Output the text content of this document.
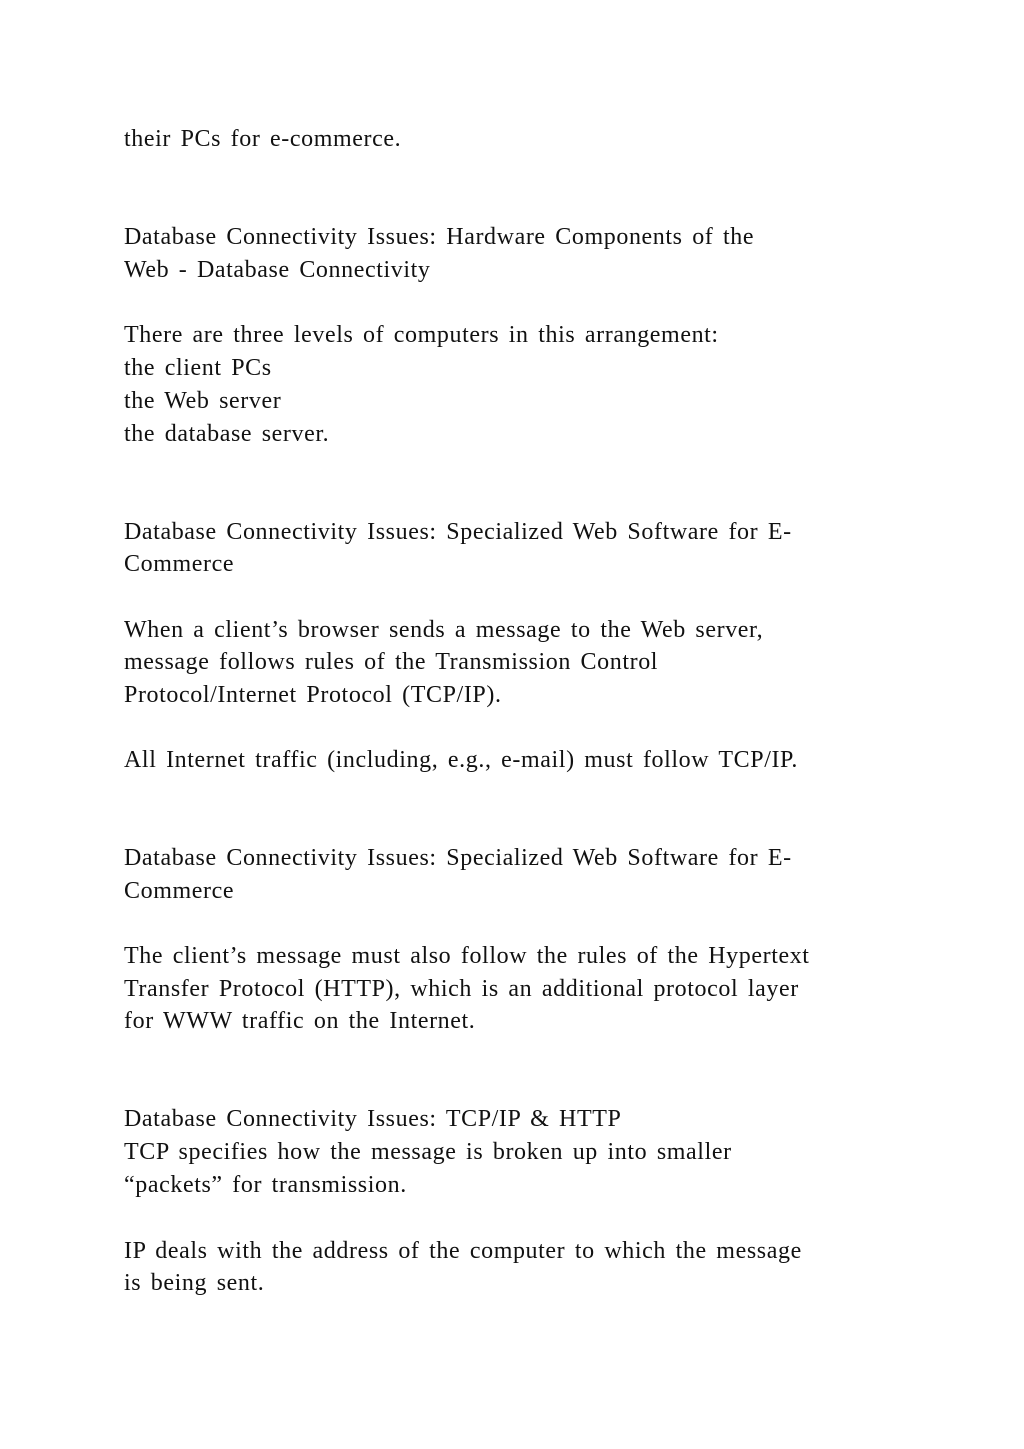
their PCs for e-commerce.
Database Connectivity Issues: Hardware Components of the
Web - Database Connectivity
There are three levels of computers in this arrangement:
the client PCs
the Web server
the database server.
Database Connectivity Issues: Specialized Web Software for E-
Commerce
When a client’s browser sends a message to the Web server,
message follows rules of the Transmission Control
Protocol/Internet Protocol (TCP/IP).
All Internet traffic (including, e.g., e-mail) must follow TCP/IP.
Database Connectivity Issues: Specialized Web Software for E-
Commerce
The client’s message must also follow the rules of the Hypertext
Transfer Protocol (HTTP), which is an additional protocol layer
for WWW traffic on the Internet.
Database Connectivity Issues: TCP/IP & HTTP
TCP specifies how the message is broken up into smaller
“packets” for transmission.
IP deals with the address of the computer to which the message
is being sent.
